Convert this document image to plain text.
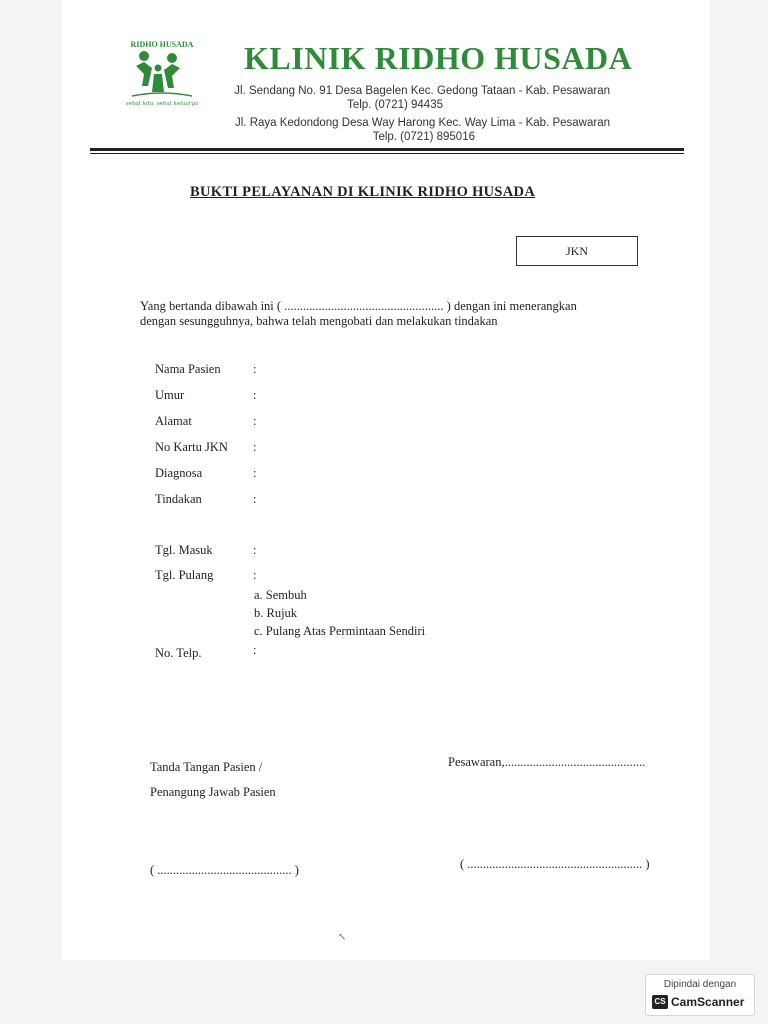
RIDHO HUSADA
sehat kita, sehat keluarga
KLINIK RIDHO HUSADA
Jl. Sendang No. 91 Desa Bagelen Kec. Gedong Tataan - Kab. Pesawaran
Telp. (0721) 94435
Jl. Raya Kedondong Desa Way Harong Kec. Way Lima - Kab. Pesawaran
Telp. (0721) 895016
BUKTI PELAYANAN DI KLINIK RIDHO HUSADA
JKN
Yang bertanda dibawah ini ( ................................................... ) dengan ini menerangkan
dengan sesungguhnya, bahwa telah mengobati dan melakukan tindakan
Nama Pasien	:
Umur	:
Alamat	:
No Kartu JKN :
Diagnosa	:
Tindakan	:
Tgl. Masuk	:
Tgl. Pulang	:
a. Sembuh
b. Rujuk
c. Pulang Atas Permintaan Sendiri
No. Telp.	:
Tanda Tangan Pasien /
Penangung Jawab Pasien
Pesawaran,.............................................
( ........................................... )	( ........................................................ )
↖
Dipindai dengan
CS CamScanner
